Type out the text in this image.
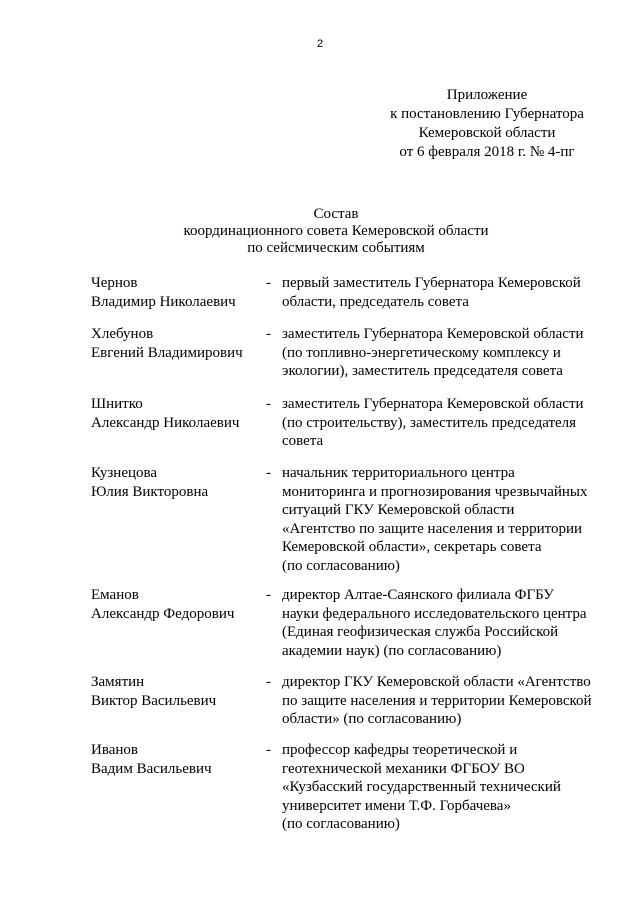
2
Приложение
к постановлению Губернатора
Кемеровской области
от 6 февраля 2018 г. № 4-пг
Состав
координационного совета Кемеровской области
по сейсмическим событиям
Чернов
Владимир Николаевич
- первый заместитель Губернатора Кемеровской
области, председатель совета
Хлебунов
Евгений Владимирович
- заместитель Губернатора Кемеровской области
(по топливно-энергетическому комплексу и
экологии), заместитель председателя совета
Шнитко
Александр Николаевич
- заместитель Губернатора Кемеровской области
(по строительству), заместитель председателя
совета
Кузнецова
Юлия Викторовна
- начальник территориального центра
мониторинга и прогнозирования чрезвычайных
ситуаций ГКУ Кемеровской области
«Агентство по защите населения и территории
Кемеровской области», секретарь совета
(по согласованию)
Еманов
Александр Федорович
- директор Алтае-Саянского филиала ФГБУ
науки федерального исследовательского центра
(Единая геофизическая служба Российской
академии наук) (по согласованию)
Замятин
Виктор Васильевич
- директор ГКУ Кемеровской области «Агентство
по защите населения и территории Кемеровской
области» (по согласованию)
Иванов
Вадим Васильевич
- профессор кафедры теоретической и
геотехнической механики ФГБОУ ВО
«Кузбасский государственный технический
университет имени Т.Ф. Горбачева»
(по согласованию)
